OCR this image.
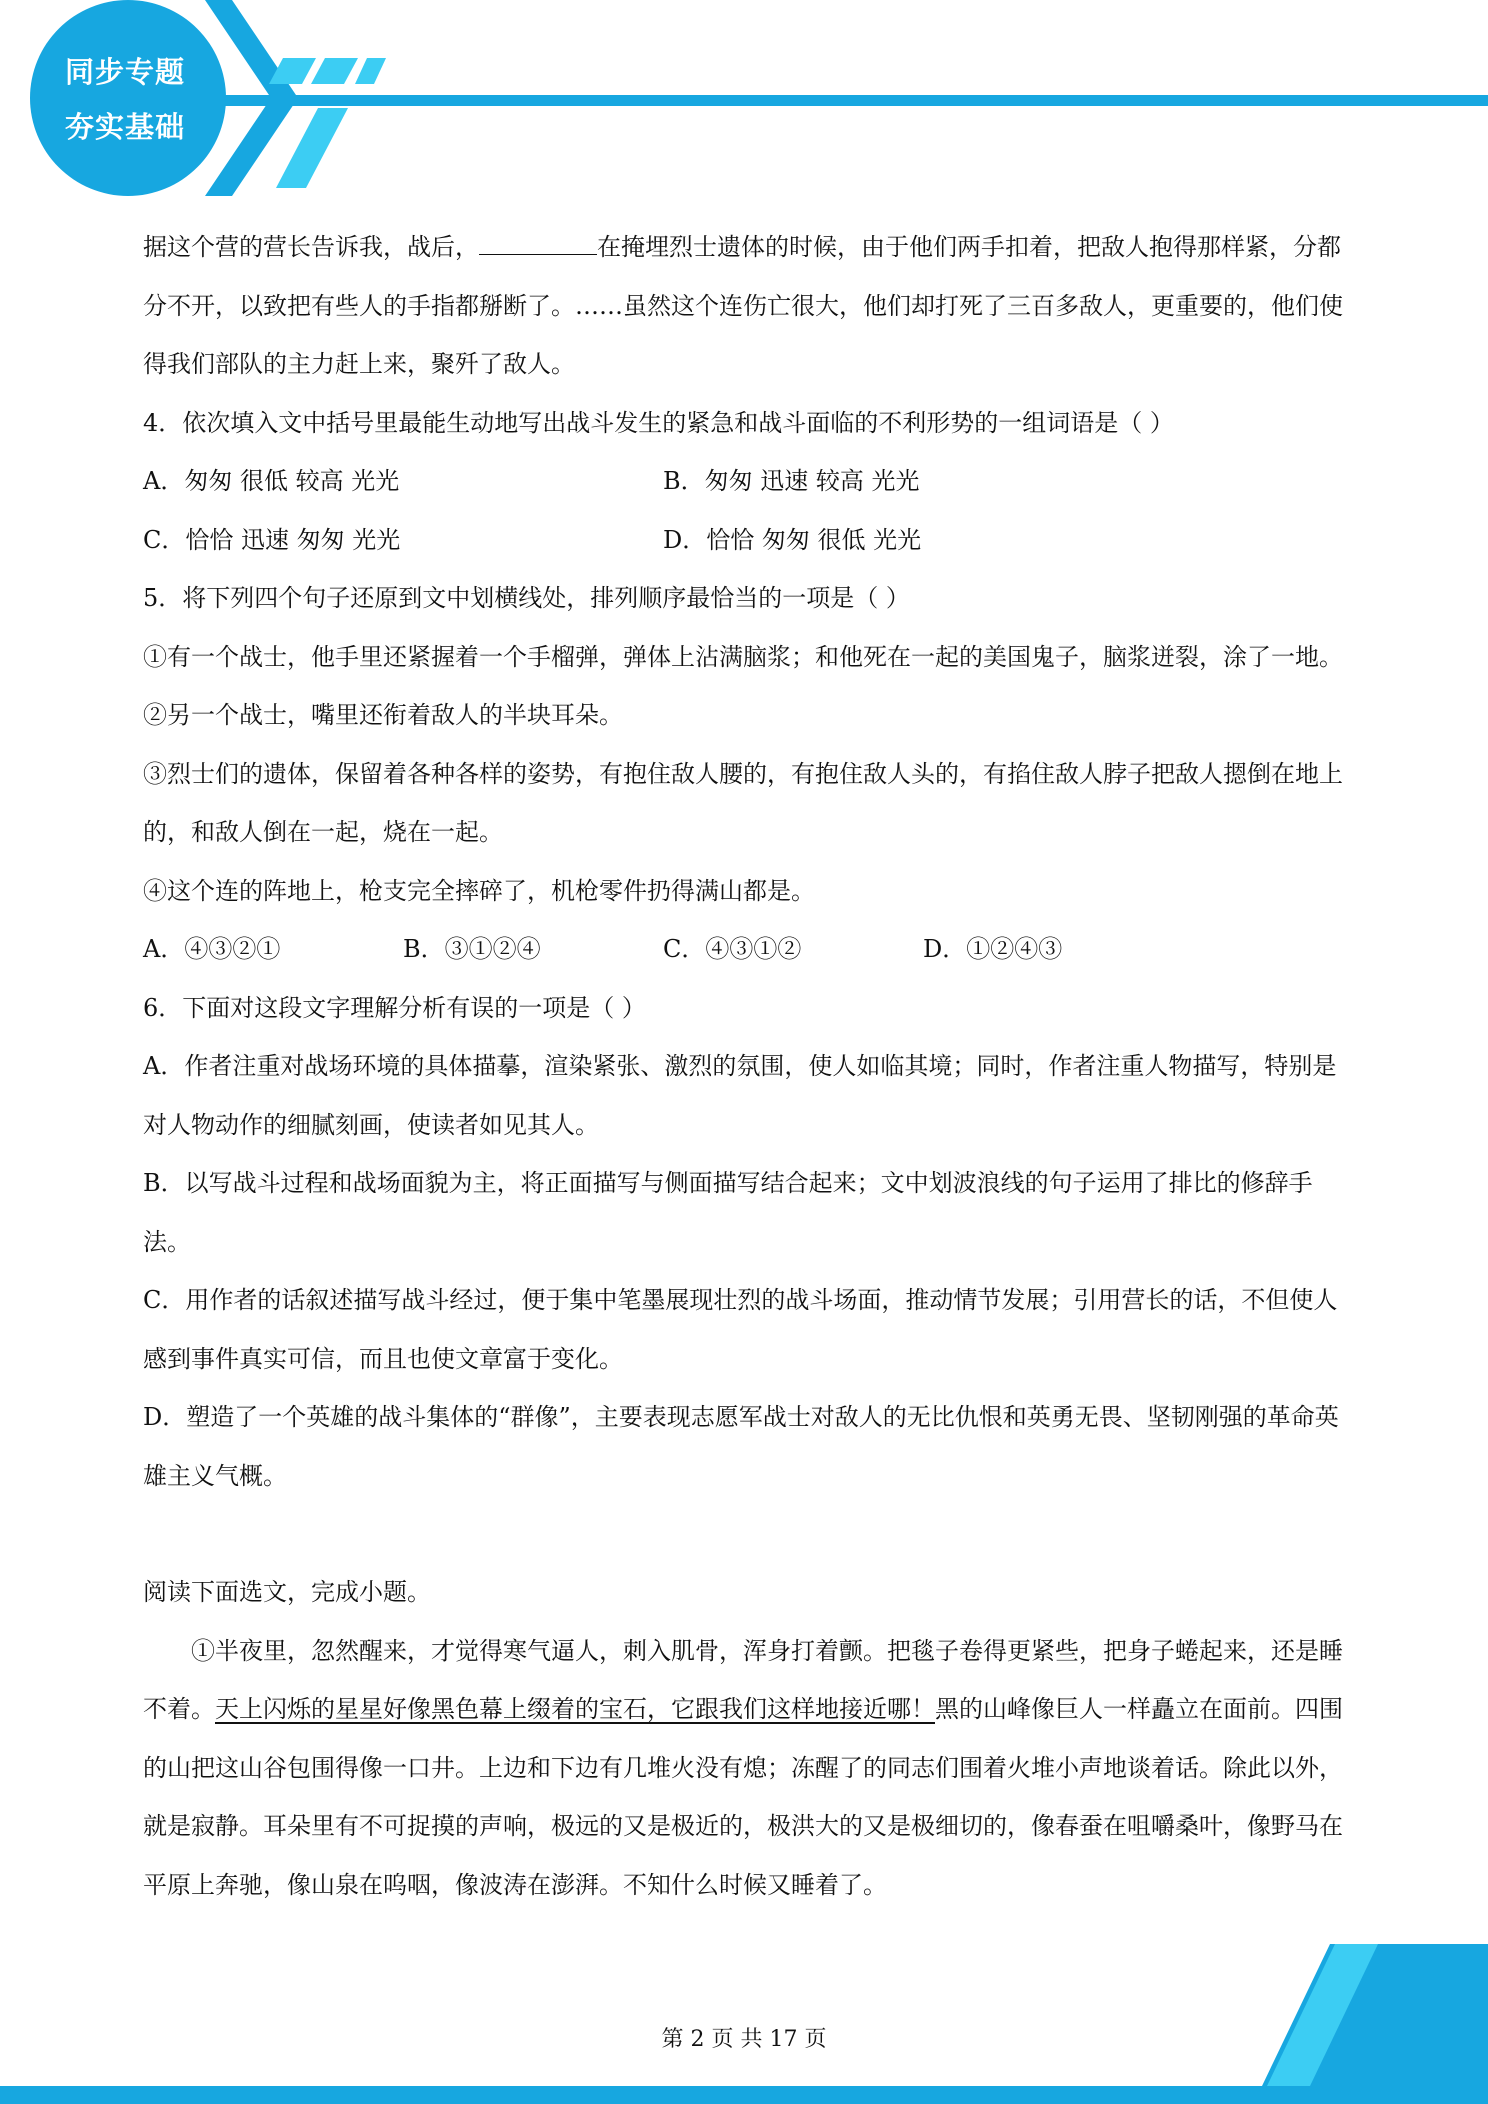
同步专题
夯实基础

据这个营的营长告诉我，战后，	在掩埋烈士遗体的时候，由于他们两手扣着，把敌人抱得那样紧，分都分不开，以致把有些人的手指都掰断了。……虽然这个连伤亡很大，他们却打死了三百多敌人，更重要的，他们使得我们部队的主力赶上来，聚歼了敌人。

4．依次填入文中括号里最能生动地写出战斗发生的紧急和战斗面临的不利形势的一组词语是（ ）

A．匆匆 很低 较高 光光	B．匆匆 迅速 较高 光光
C．恰恰 迅速 匆匆 光光	D．恰恰 匆匆 很低 光光

5．将下列四个句子还原到文中划横线处，排列顺序最恰当的一项是（ ）

①有一个战士，他手里还紧握着一个手榴弹，弹体上沾满脑浆；和他死在一起的美国鬼子，脑浆迸裂，涂了一地。

②另一个战士，嘴里还衔着敌人的半块耳朵。

③烈士们的遗体，保留着各种各样的姿势，有抱住敌人腰的，有抱住敌人头的，有掐住敌人脖子把敌人摁倒在地上的，和敌人倒在一起，烧在一起。

④这个连的阵地上，枪支完全摔碎了，机枪零件扔得满山都是。

A．④③②①	B．③①②④	C．④③①②	D．①②④③

6．下面对这段文字理解分析有误的一项是（ ）

A．作者注重对战场环境的具体描摹，渲染紧张、激烈的氛围，使人如临其境；同时，作者注重人物描写，特别是对人物动作的细腻刻画，使读者如见其人。

B．以写战斗过程和战场面貌为主，将正面描写与侧面描写结合起来；文中划波浪线的句子运用了排比的修辞手法。

C．用作者的话叙述描写战斗经过，便于集中笔墨展现壮烈的战斗场面，推动情节发展；引用营长的话，不但使人感到事件真实可信，而且也使文章富于变化。

D．塑造了一个英雄的战斗集体的“群像”，主要表现志愿军战士对敌人的无比仇恨和英勇无畏、坚韧刚强的革命英雄主义气概。

阅读下面选文，完成小题。

①半夜里，忽然醒来，才觉得寒气逼人，刺入肌骨，浑身打着颤。把毯子卷得更紧些，把身子蜷起来，还是睡不着。天上闪烁的星星好像黑色幕上缀着的宝石，它跟我们这样地接近哪！黑的山峰像巨人一样矗立在面前。四围的山把这山谷包围得像一口井。上边和下边有几堆火没有熄；冻醒了的同志们围着火堆小声地谈着话。除此以外，就是寂静。耳朵里有不可捉摸的声响，极远的又是极近的，极洪大的又是极细切的，像春蚕在咀嚼桑叶，像野马在平原上奔驰，像山泉在呜咽，像波涛在澎湃。不知什么时候又睡着了。

第 2 页 共 17 页
